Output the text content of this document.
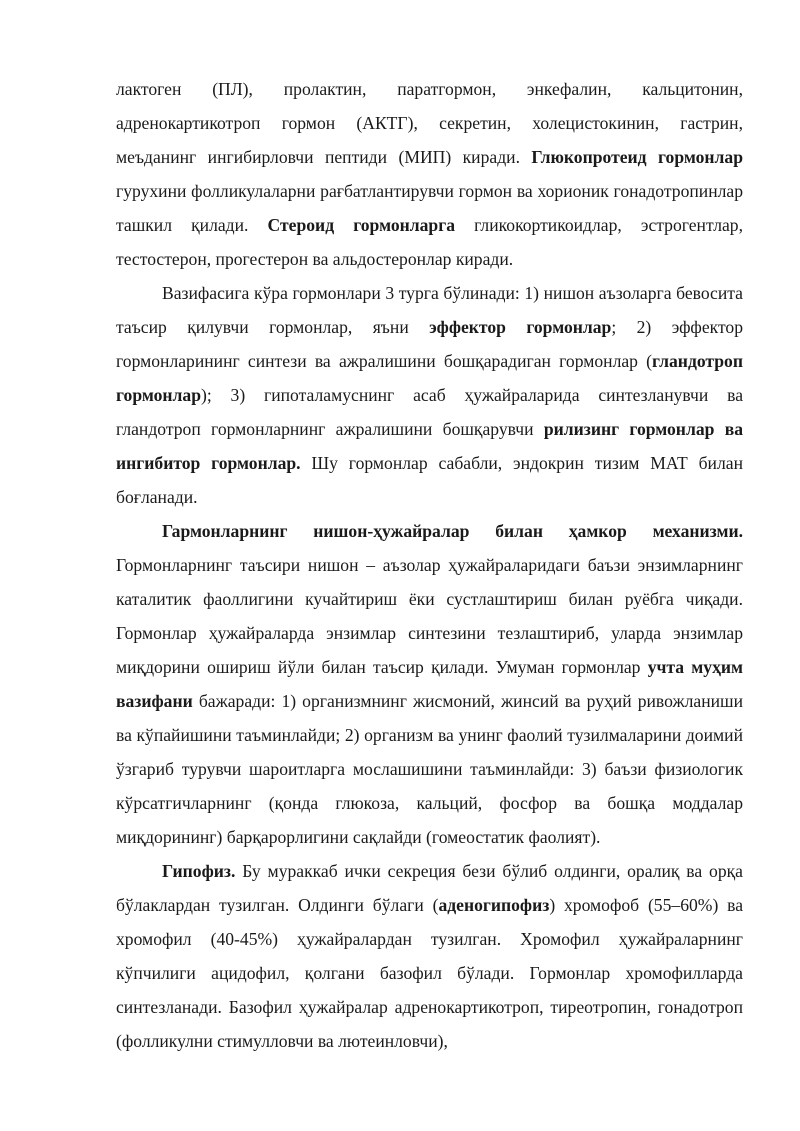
лактоген (ПЛ), пролактин, паратгормон, энкефалин, кальцитонин, адренокартикотроп гормон (АКТГ), секретин, холецистокинин, гастрин, меъданинг ингибирловчи пептиди (МИП) киради. Глюкопротеид гормонлар гурухини фолликулаларни рағбатлантирувчи гормон ва хорионик гонадотропинлар ташкил қилади. Стероид гормонларга гликокортикоидлар, эстрогентлар, тестостерон, прогестерон ва альдостеронлар киради.

Вазифасига кўра гормонлари 3 турга бўлинади: 1) нишон аъзоларга бевосита таъсир қилувчи гормонлар, яъни эффектор гормонлар; 2) эффектор гормонларининг синтези ва ажралишини бошқарадиган гормонлар (гландотроп гормонлар); 3) гипоталамуснинг асаб ҳужайраларида синтезланувчи ва гландотроп гормонларнинг ажралишини бошқарувчи рилизинг гормонлар ва ингибитор гормонлар. Шу гормонлар сабабли, эндокрин тизим МАТ билан боғланади.

Гармонларнинг нишон-ҳужайралар билан ҳамкор механизми. Гормонларнинг таъсири нишон – аъзолар ҳужайраларидаги баъзи энзимларнинг каталитик фаоллигини кучайтириш ёки сустлаштириш билан руёбга чиқади. Гормонлар ҳужайраларда энзимлар синтезини тезлаштириб, уларда энзимлар миқдорини ошириш йўли билан таъсир қилади. Умуман гормонлар учта муҳим вазифани бажаради: 1) организмнинг жисмоний, жинсий ва руҳий ривожланиши ва кўпайишини таъминлайди; 2) организм ва унинг фаолий тузилмаларини доимий ўзгариб турувчи шароитларга мослашишини таъминлайди: 3) баъзи физиологик кўрсатгичларнинг (қонда глюкоза, кальций, фосфор ва бошқа моддалар миқдорининг) барқарорлигини сақлайди (гомеостатик фаолият).

Гипофиз. Бу мураккаб ички секреция бези бўлиб олдинги, оралиқ ва орқа бўлаклардан тузилган. Олдинги бўлаги (аденогипофиз) хромофоб (55–60%) ва хромофил (40-45%) ҳужайралардан тузилган. Хромофил ҳужайраларнинг кўпчилиги ацидофил, қолгани базофил бўлади. Гормонлар хромофилларда синтезланади. Базофил ҳужайралар адренокартикотроп, тиреотропин, гонадотроп (фолликулни стимулловчи ва лютеинловчи),
